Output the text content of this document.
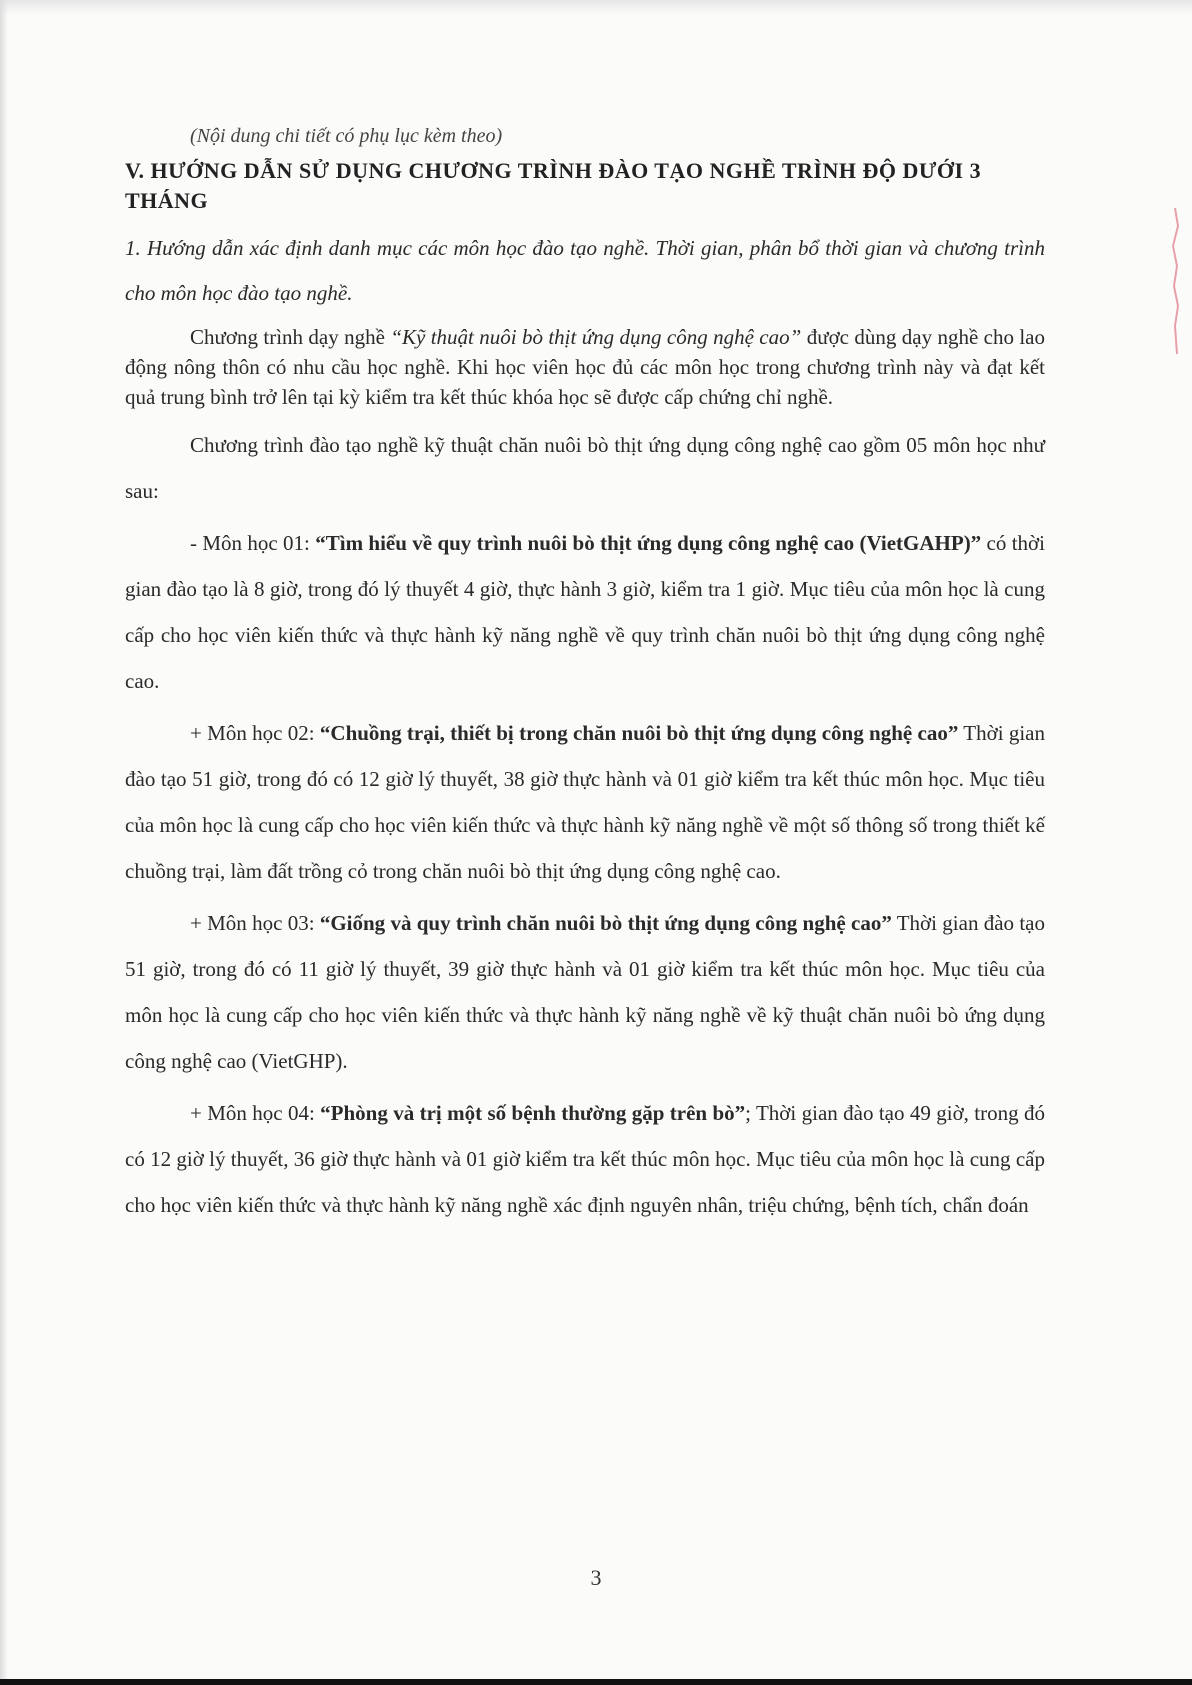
(Nội dung chi tiết có phụ lục kèm theo)

V. HƯỚNG DẪN SỬ DỤNG CHƯƠNG TRÌNH ĐÀO TẠO NGHỀ TRÌNH ĐỘ DƯỚI 3 THÁNG

1. Hướng dẫn xác định danh mục các môn học đào tạo nghề. Thời gian, phân bổ thời gian và chương trình cho môn học đào tạo nghề.

Chương trình dạy nghề “Kỹ thuật nuôi bò thịt ứng dụng công nghệ cao” được dùng dạy nghề cho lao động nông thôn có nhu cầu học nghề. Khi học viên học đủ các môn học trong chương trình này và đạt kết quả trung bình trở lên tại kỳ kiểm tra kết thúc khóa học sẽ được cấp chứng chỉ nghề.

Chương trình đào tạo nghề kỹ thuật chăn nuôi bò thịt ứng dụng công nghệ cao gồm 05 môn học như sau:

- Môn học 01: “Tìm hiểu về quy trình nuôi bò thịt ứng dụng công nghệ cao (VietGAHP)” có thời gian đào tạo là 8 giờ, trong đó lý thuyết 4 giờ, thực hành 3 giờ, kiểm tra 1 giờ. Mục tiêu của môn học là cung cấp cho học viên kiến thức và thực hành kỹ năng nghề về quy trình chăn nuôi bò thịt ứng dụng công nghệ cao.

+ Môn học 02: “Chuồng trại, thiết bị trong chăn nuôi bò thịt ứng dụng công nghệ cao” Thời gian đào tạo 51 giờ, trong đó có 12 giờ lý thuyết, 38 giờ thực hành và 01 giờ kiểm tra kết thúc môn học. Mục tiêu của môn học là cung cấp cho học viên kiến thức và thực hành kỹ năng nghề về một số thông số trong thiết kế chuồng trại, làm đất trồng cỏ trong chăn nuôi bò thịt ứng dụng công nghệ cao.

+ Môn học 03: “Giống và quy trình chăn nuôi bò thịt ứng dụng công nghệ cao” Thời gian đào tạo 51 giờ, trong đó có 11 giờ lý thuyết, 39 giờ thực hành và 01 giờ kiểm tra kết thúc môn học. Mục tiêu của môn học là cung cấp cho học viên kiến thức và thực hành kỹ năng nghề về kỹ thuật chăn nuôi bò ứng dụng công nghệ cao (VietGHP).

+ Môn học 04: “Phòng và trị một số bệnh thường gặp trên bò”; Thời gian đào tạo 49 giờ, trong đó có 12 giờ lý thuyết, 36 giờ thực hành và 01 giờ kiểm tra kết thúc môn học. Mục tiêu của môn học là cung cấp cho học viên kiến thức và thực hành kỹ năng nghề xác định nguyên nhân, triệu chứng, bệnh tích, chẩn đoán

3
